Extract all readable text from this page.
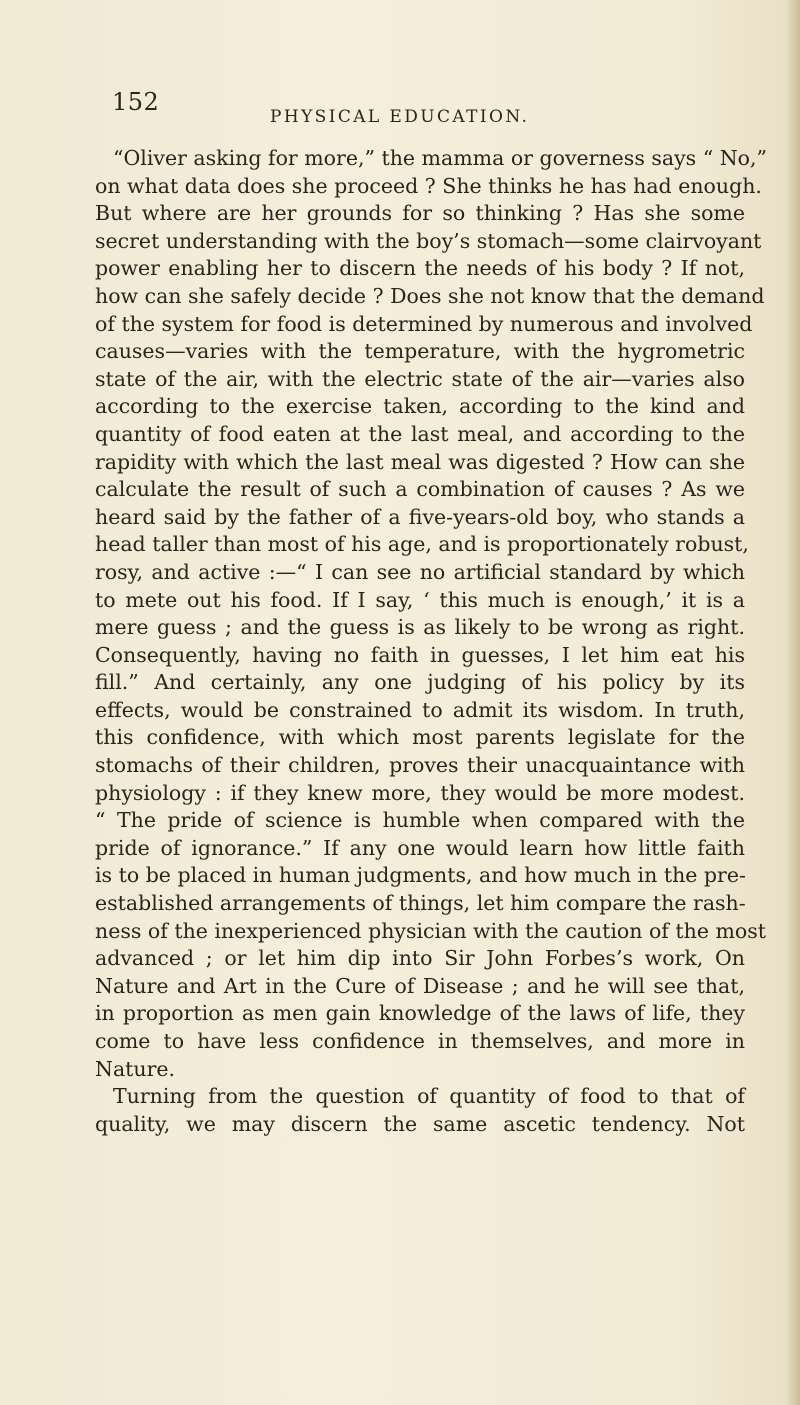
152
PHYSICAL EDUCATION.
“Oliver asking for more,” the mamma or governess says “ No,”
on what data does she proceed ? She thinks he has had enough.
But where are her grounds for so thinking ? Has she some
secret understanding with the boy’s stomach—some clairvoyant
power enabling her to discern the needs of his body ? If not,
how can she safely decide ? Does she not know that the demand
of the system for food is determined by numerous and involved
causes—varies with the temperature, with the hygrometric
state of the air, with the electric state of the air—varies also
according to the exercise taken, according to the kind and
quantity of food eaten at the last meal, and according to the
rapidity with which the last meal was digested ? How can she
calculate the result of such a combination of causes ? As we
heard said by the father of a five-years-old boy, who stands a
head taller than most of his age, and is proportionately robust,
rosy, and active :—“ I can see no artificial standard by which
to mete out his food. If I say, ‘ this much is enough,’ it is a
mere guess ; and the guess is as likely to be wrong as right.
Consequently, having no faith in guesses, I let him eat his
fill.” And certainly, any one judging of his policy by its
effects, would be constrained to admit its wisdom. In truth,
this confidence, with which most parents legislate for the
stomachs of their children, proves their unacquaintance with
physiology : if they knew more, they would be more modest.
“ The pride of science is humble when compared with the
pride of ignorance.” If any one would learn how little faith
is to be placed in human judgments, and how much in the pre-
established arrangements of things, let him compare the rash-
ness of the inexperienced physician with the caution of the most
advanced ; or let him dip into Sir John Forbes’s work, On
Nature and Art in the Cure of Disease ; and he will see that,
in proportion as men gain knowledge of the laws of life, they
come to have less confidence in themselves, and more in
Nature.
Turning from the question of quantity of food to that of
quality, we may discern the same ascetic tendency. Not
